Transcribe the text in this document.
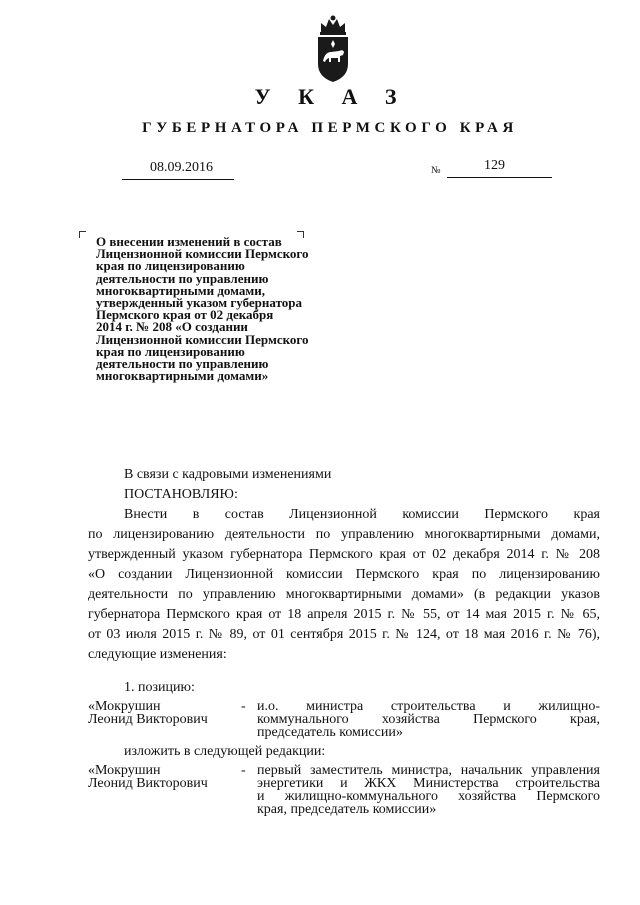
У К А З
ГУБЕРНАТОРА ПЕРМСКОГО КРАЯ
08.09.2016	№	129
О внесении изменений в состав
Лицензионной комиссии Пермского
края по лицензированию
деятельности по управлению
многоквартирными домами,
утвержденный указом губернатора
Пермского края от 02 декабря
2014 г. № 208 «О создании
Лицензионной комиссии Пермского
края по лицензированию
деятельности по управлению
многоквартирными домами»
В связи с кадровыми изменениями
ПОСТАНОВЛЯЮ:
Внести в состав Лицензионной комиссии Пермского края
по лицензированию деятельности по управлению многоквартирными домами,
утвержденный указом губернатора Пермского края от 02 декабря 2014 г. № 208
«О создании Лицензионной комиссии Пермского края по лицензированию
деятельности по управлению многоквартирными домами» (в редакции указов
губернатора Пермского края от 18 апреля 2015 г. № 55, от 14 мая 2015 г. № 65,
от 03 июля 2015 г. № 89, от 01 сентября 2015 г. № 124, от 18 мая 2016 г. № 76),
следующие изменения:
1. позицию:
«Мокрушин
Леонид Викторович
- и.о. министра строительства и жилищно-
коммунального хозяйства Пермского края,
председатель комиссии»
изложить в следующей редакции:
«Мокрушин
Леонид Викторович
- первый заместитель министра, начальник управления
энергетики и ЖКХ Министерства строительства
и жилищно-коммунального хозяйства Пермского
края, председатель комиссии»
